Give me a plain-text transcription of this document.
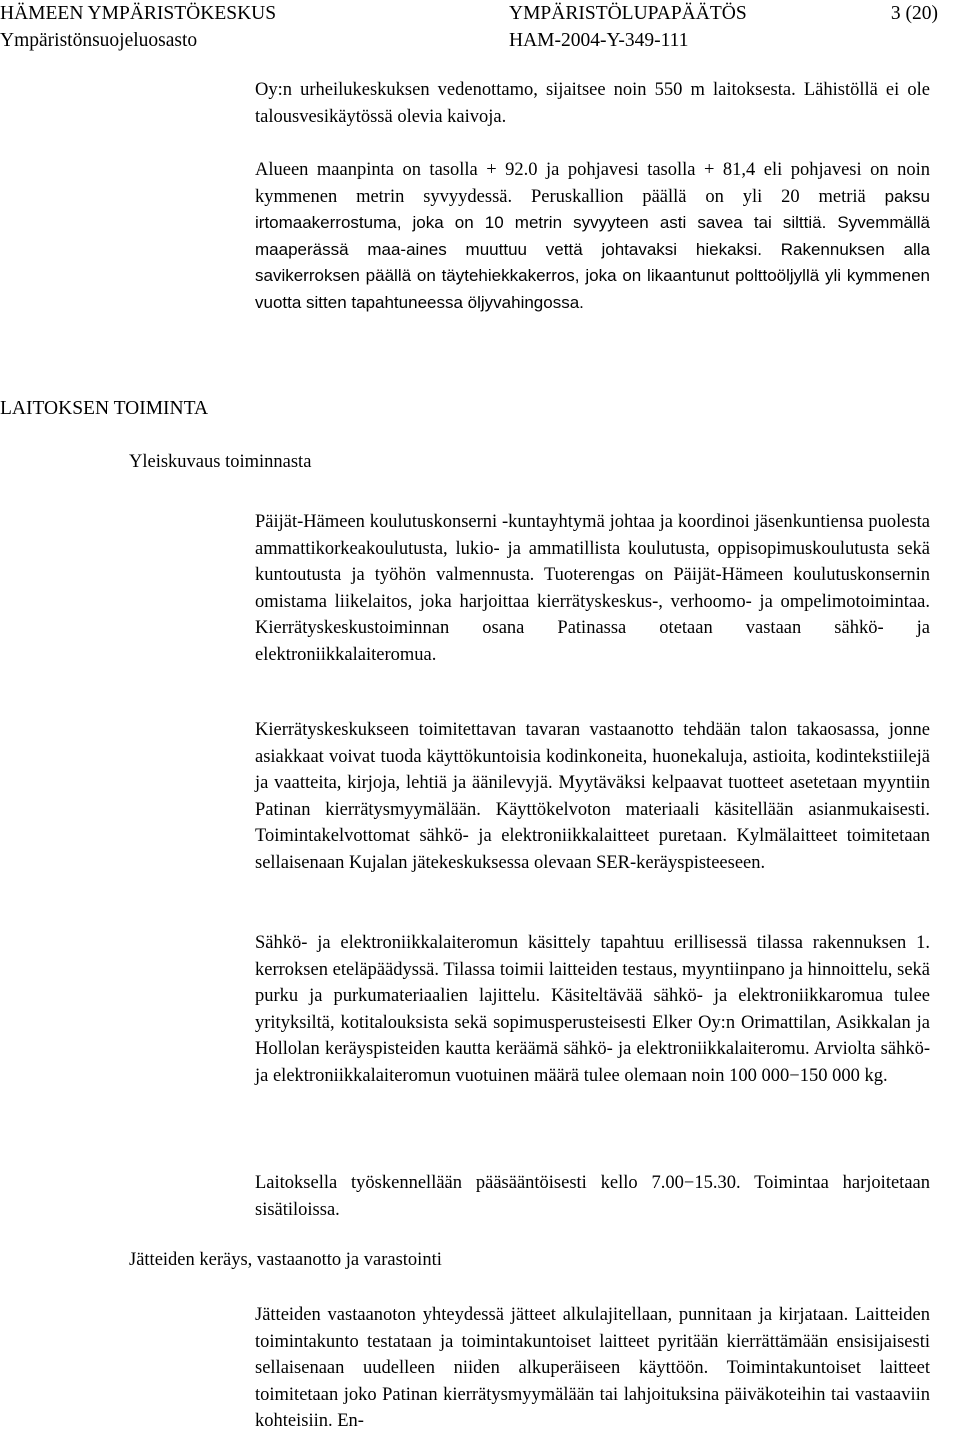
HÄMEEN YMPÄRISTÖKESKUS
Ympäristönsuojeluosasto
YMPÄRISTÖLUPAPÄÄTÖS
HAM-2004-Y-349-111
3 (20)

Oy:n urheilukeskuksen vedenottamo, sijaitsee noin 550 m laitoksesta. Lähistöllä ei ole talousvesikäytössä olevia kaivoja.

Alueen maanpinta on tasolla + 92.0 ja pohjavesi tasolla + 81,4 eli pohjavesi on noin kymmenen metrin syvyydessä. Peruskallion päällä on yli 20 metriä paksu irtomaakerrostuma, joka on 10 metrin syvyyteen asti savea tai silttiä. Syvemmällä maaperässä maa-aines muuttuu vettä johtavaksi hiekaksi. Rakennuksen alla savikerroksen päällä on täytehiekkakerros, joka on likaantunut polttoöljyllä yli kymmenen vuotta sitten tapahtuneessa öljyvahingossa.

LAITOKSEN TOIMINTA
Yleiskuvaus toiminnasta

Päijät-Hämeen koulutuskonserni -kuntayhtymä johtaa ja koordinoi jäsenkuntiensa puolesta ammattikorkeakoulutusta, lukio- ja ammatillista koulutusta, oppisopimuskoulutusta sekä kuntoutusta ja työhön valmennusta. Tuoterengas on Päijät-Hämeen koulutuskonsernin omistama liikelaitos, joka harjoittaa kierrätyskeskus-, verhoomo- ja ompelimotoimintaa. Kierrätyskeskustoiminnan osana Patinassa otetaan vastaan sähkö- ja elektroniikkalaiteromua.

Kierrätyskeskukseen toimitettavan tavaran vastaanotto tehdään talon takaosassa, jonne asiakkaat voivat tuoda käyttökuntoisia kodinkoneita, huonekaluja, astioita, kodintekstiilejä ja vaatteita, kirjoja, lehtiä ja äänilevyjä. Myytäväksi kelpaavat tuotteet asetetaan myyntiin Patinan kierrätysmyymälään. Käyttökelvoton materiaali käsitellään asianmukaisesti. Toimintakelvottomat sähkö- ja elektroniikkalaitteet puretaan. Kylmälaitteet toimitetaan sellaisenaan Kujalan jätekeskuksessa olevaan SER-keräyspisteeseen.

Sähkö- ja elektroniikkalaiteromun käsittely tapahtuu erillisessä tilassa rakennuksen 1. kerroksen eteläpäädyssä. Tilassa toimii laitteiden testaus, myyntiinpano ja hinnoittelu, sekä purku ja purkumateriaalien lajittelu. Käsiteltävää sähkö- ja elektroniikkaromua tulee yrityksiltä, kotitalouksista sekä sopimusperusteisesti Elker Oy:n Orimattilan, Asikkalan ja Hollolan keräyspisteiden kautta keräämä sähkö- ja elektroniikkalaiteromu. Arviolta sähkö- ja elektroniikkalaiteromun vuotuinen määrä tulee olemaan noin 100 000−150 000 kg.

Laitoksella työskennellään pääsääntöisesti kello 7.00−15.30. Toimintaa harjoitetaan sisätiloissa.

Jätteiden keräys, vastaanotto ja varastointi

Jätteiden vastaanoton yhteydessä jätteet alkulajitellaan, punnitaan ja kirjataan. Laitteiden toimintakunto testataan ja toimintakuntoiset laitteet pyritään kierrättämään ensisijaisesti sellaisenaan uudelleen niiden alkuperäiseen käyttöön. Toimintakuntoiset laitteet toimitetaan joko Patinan kierrätysmyymälään tai lahjoituksina päiväkoteihin tai vastaaviin kohteisiin. En-
